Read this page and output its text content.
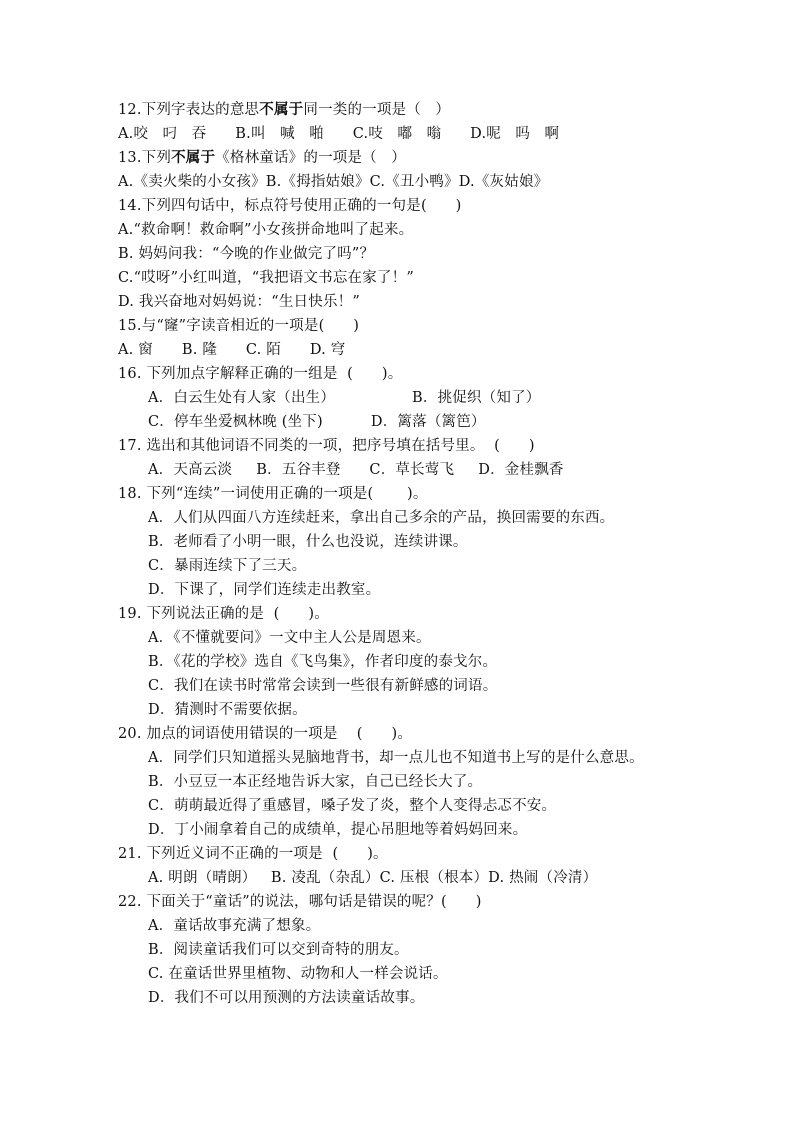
12.下列字表达的意思不属于同一类的一项是（   ）
A.咬   叼   吞      B.叫   喊   啪      C.吱   嘟   嗡      D.呢   吗   啊
13.下列不属于《格林童话》的一项是（   ）
A.《卖火柴的小女孩》B.《拇指姑娘》C.《丑小鸭》D.《灰姑娘》
14.下列四句话中，标点符号使用正确的一句是(      )
A.“救命啊！救命啊”小女孩拼命地叫了起来。
B. 妈妈问我：“今晚的作业做完了吗”？
C.“哎呀”小红叫道，“我把语文书忘在家了！”
D. 我兴奋地对妈妈说：“生日快乐！”
15.与“窿”字读音相近的一项是(      )
A. 窗      B. 隆      C. 陌      D. 穹
16. 下列加点字解释正确的一组是  (      )。
A．白云生处有人家（出生）                B．挑促织（知了）
C．停车坐爱枫林晚 (坐下)          D．篱落（篱笆）
17. 选出和其他词语不同类的一项，把序号填在括号里。  (      )
A．天高云淡     B．五谷丰登      C．草长莺飞     D．金桂飘香
18. 下列“连续”一词使用正确的一项是(       )。
A．人们从四面八方连续赶来，拿出自己多余的产品，换回需要的东西。
B．老师看了小明一眼，什么也没说，连续讲课。
C．暴雨连续下了三天。
D．下课了，同学们连续走出教室。
19. 下列说法正确的是  (      )。
A．《不懂就要问》一文中主人公是周恩来。
B．《花的学校》选自《飞鸟集》，作者印度的泰戈尔。
C．我们在读书时常常会读到一些很有新鲜感的词语。
D．猜测时不需要依据。
20. 加点的词语使用错误的一项是    (      )。
A．同学们只知道摇头晃脑地背书，却一点儿也不知道书上写的是什么意思。
B．小豆豆一本正经地告诉大家，自己已经长大了。
C．萌萌最近得了重感冒，嗓子发了炎，整个人变得忐忑不安。
D．丁小闹拿着自己的成绩单，提心吊胆地等着妈妈回来。
21. 下列近义词不正确的一项是  (      )。
A. 明朗（晴朗）   B. 凌乱（杂乱）C. 压根（根本）D. 热闹（冷清）
22. 下面关于“童话”的说法，哪句话是错误的呢？(      )
A．童话故事充满了想象。
B．阅读童话我们可以交到奇特的朋友。
C. 在童话世界里植物、动物和人一样会说话。
D．我们不可以用预测的方法读童话故事。
